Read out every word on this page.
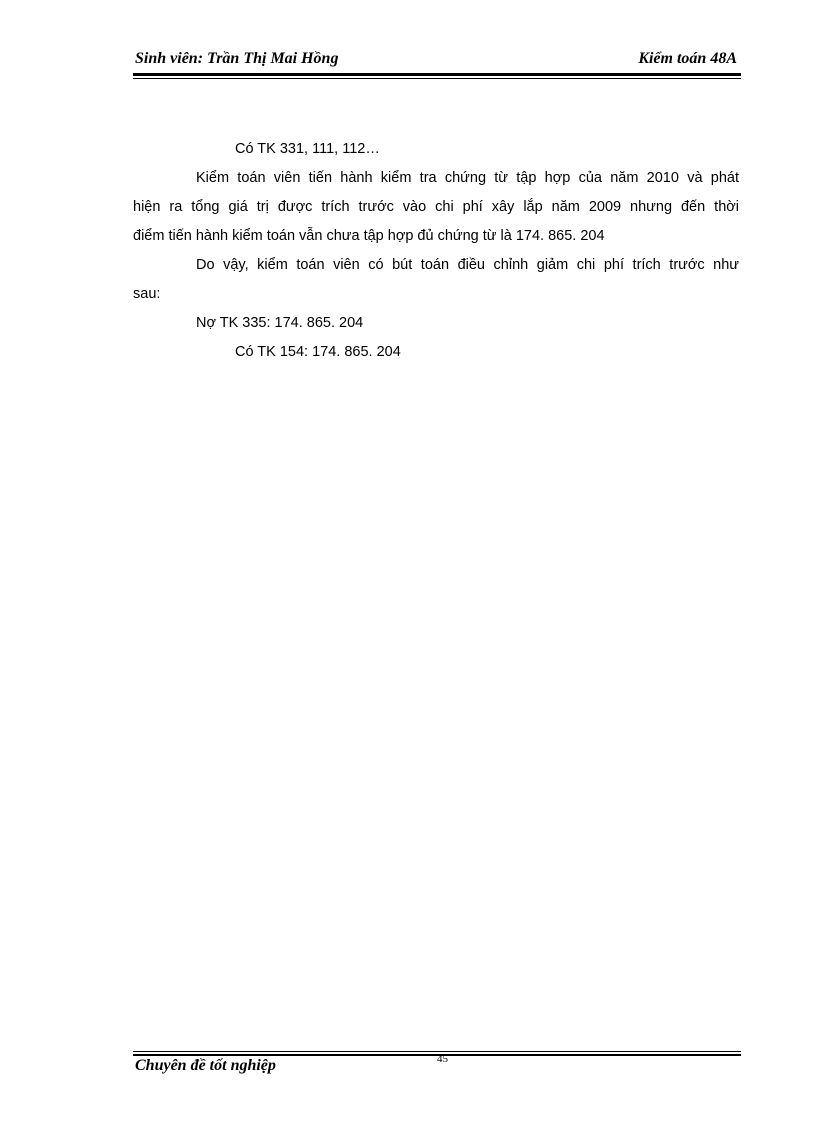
Sinh viên: Trần Thị Mai Hồng	Kiểm toán 48A
Có TK 331, 111, 112…
Kiểm toán viên tiến hành kiểm tra chứng từ tập hợp của năm 2010 và phát
hiện ra tổng giá trị được trích trước vào chi phí xây lắp năm 2009 nhưng đến thời
điểm tiến hành kiểm toán vẫn chưa tập hợp đủ chứng từ là 174. 865. 204
Do vậy, kiểm toán viên có bút toán điều chỉnh giảm chi phí trích trước như
sau:
Nợ TK 335: 174. 865. 204
Có TK 154: 174. 865. 204
45
Chuyên đề tốt nghiệp
